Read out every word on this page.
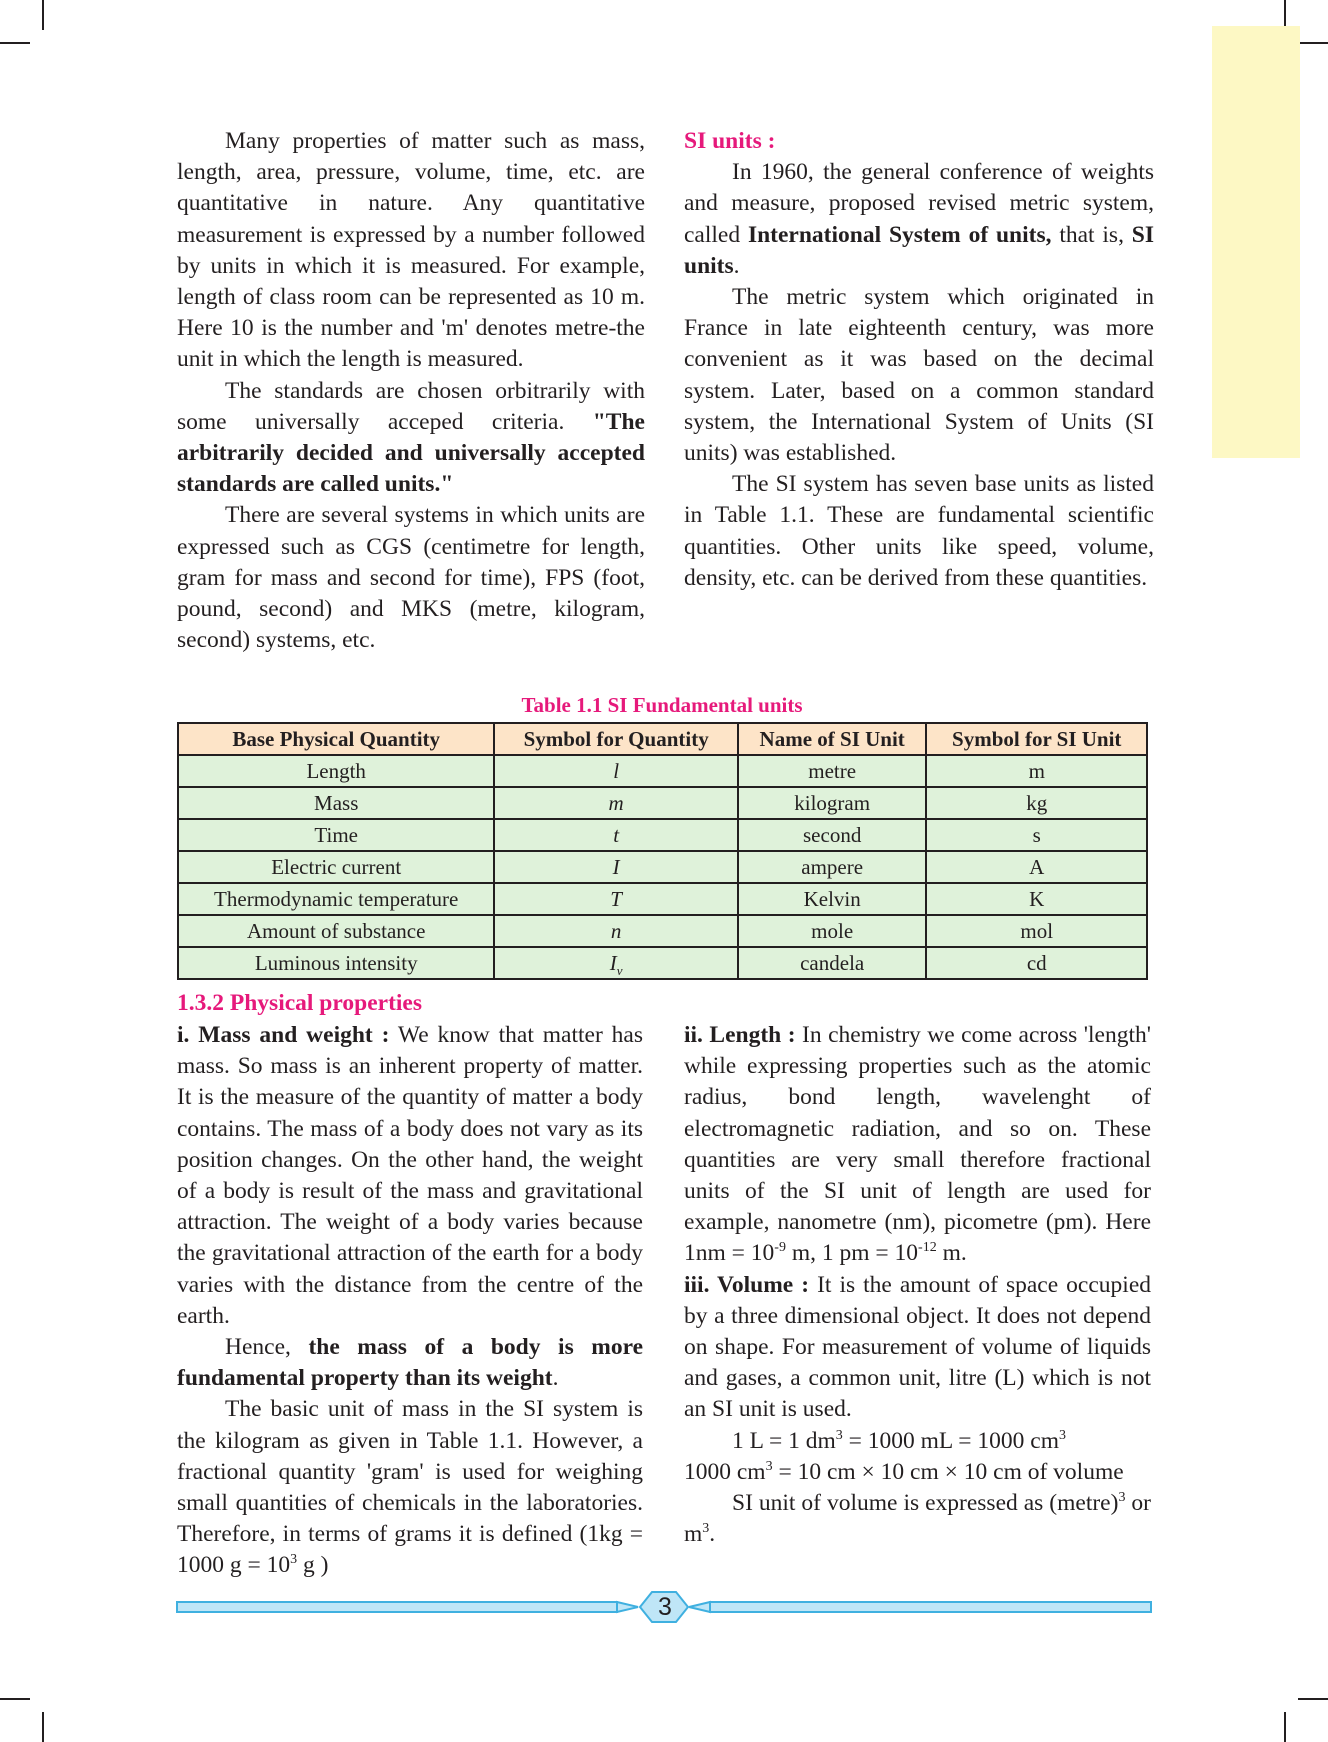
Many properties of matter such as mass, length, area, pressure, volume, time, etc. are quantitative in nature. Any quantitative measurement is expressed by a number followed by units in which it is measured. For example, length of class room can be represented as 10 m. Here 10 is the number and 'm' denotes metre-the unit in which the length is measured.

The standards are chosen orbitrarily with some universally acceped criteria. "The arbitrarily decided and universally accepted standards are called units."

There are several systems in which units are expressed such as CGS (centimetre for length, gram for mass and second for time), FPS (foot, pound, second) and MKS (metre, kilogram, second) systems, etc.

SI units :

In 1960, the general conference of weights and measure, proposed revised metric system, called International System of units, that is, SI units.

The metric system which originated in France in late eighteenth century, was more convenient as it was based on the decimal system. Later, based on a common standard system, the International System of Units (SI units) was established.

The SI system has seven base units as listed in Table 1.1. These are fundamental scientific quantities. Other units like speed, volume, density, etc. can be derived from these quantities.

Table 1.1 SI Fundamental units
Base Physical Quantity	Symbol for Quantity	Name of SI Unit	Symbol for SI Unit
Length	l	metre	m
Mass	m	kilogram	kg
Time	t	second	s
Electric current	I	ampere	A
Thermodynamic temperature	T	Kelvin	K
Amount of substance	n	mole	mol
Luminous intensity	$I_v$	candela	cd
1.3.2 Physical properties

i. Mass and weight : We know that matter has mass. So mass is an inherent property of matter. It is the measure of the quantity of matter a body contains. The mass of a body does not vary as its position changes. On the other hand, the weight of a body is result of the mass and gravitational attraction. The weight of a body varies because the gravitational attraction of the earth for a body varies with the distance from the centre of the earth.

Hence, the mass of a body is more fundamental property than its weight.

The basic unit of mass in the SI system is the kilogram as given in Table 1.1. However, a fractional quantity 'gram' is used for weighing small quantities of chemicals in the laboratories. Therefore, in terms of grams it is defined (1kg = 1000 $g = 10^3$ g )

ii. Length : In chemistry we come across 'length' while expressing properties such as the atomic radius, bond length, wavelenght of electromagnetic radiation, and so on. These quantities are very small therefore fractional units of the SI unit of length are used for example, nanometre (nm), picometre (pm). Here $1nm = 10^{-9}$ m, 1 pm = $10^{-12}$ m.

iii. Volume : It is the amount of space occupied by a three dimensional object. It does not depend on shape. For measurement of volume of liquids and gases, a common unit, litre (L) which is not an SI unit is used.

1 L = 1 $dm^3 = 1000$ mL = 1000 $cm^3$

1000 $cm^3 = 10$ cm × 10 cm × 10 cm of volume

SI unit of volume is expressed as (metre)$^3$ or $m^3$.

3
